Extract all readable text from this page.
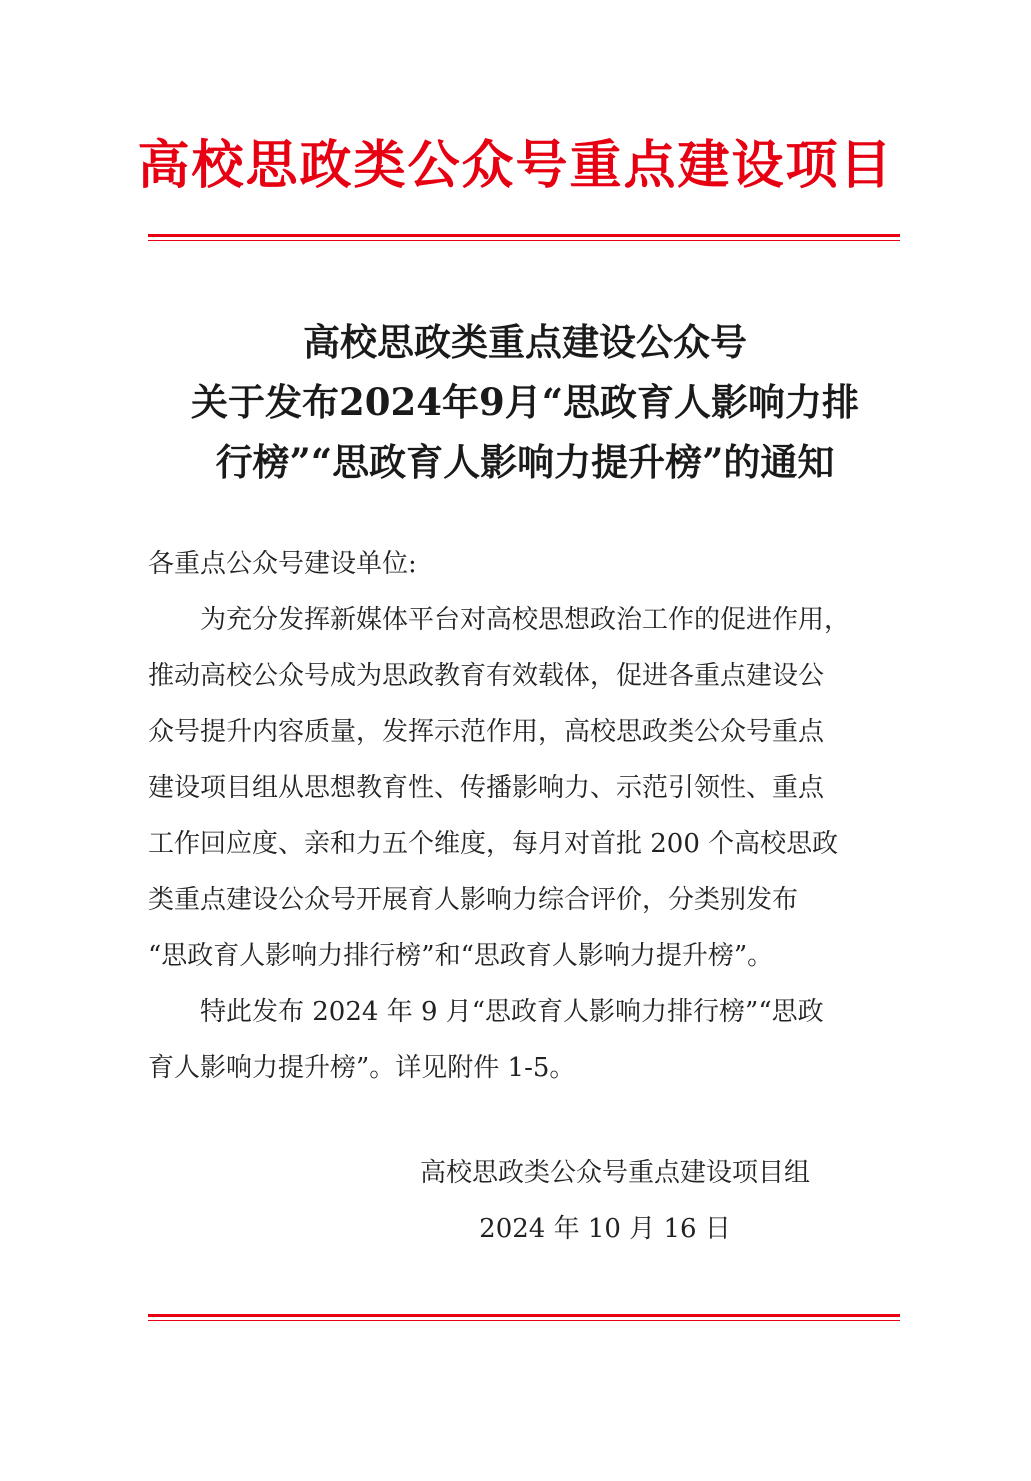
高校思政类公众号重点建设项目
高校思政类重点建设公众号
关于发布2024年9月“思政育人影响力排
行榜”“思政育人影响力提升榜”的通知
各重点公众号建设单位:
　　为充分发挥新媒体平台对高校思想政治工作的促进作用，
推动高校公众号成为思政教育有效载体，促进各重点建设公
众号提升内容质量，发挥示范作用，高校思政类公众号重点
建设项目组从思想教育性、传播影响力、示范引领性、重点
工作回应度、亲和力五个维度，每月对首批 200 个高校思政
类重点建设公众号开展育人影响力综合评价，分类别发布
“思政育人影响力排行榜”和“思政育人影响力提升榜”。
　　特此发布 2024 年 9 月“思政育人影响力排行榜”“思政
育人影响力提升榜”。详见附件 1-5。
高校思政类公众号重点建设项目组
2024 年 10 月 16 日
